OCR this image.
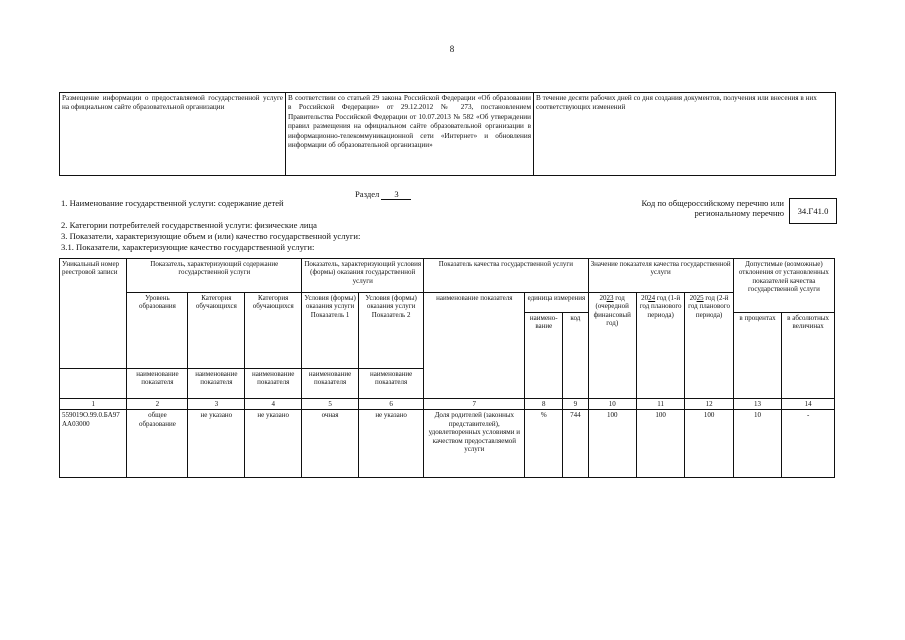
8
Размещение информации о предоставляемой государственной услуге на официальном сайте образовательной организации	В соответствии со статьей 29 закона Российской Федерации «Об образовании в Российской Федерации» от 29.12.2012 № 273, постановлением Правительства Российской Федерации от 10.07.2013 № 582 «Об утверждении правил размещения на официальном сайте образовательной организации в информационно-телекоммуникационной сети «Интернет» и обновления информации об образовательной организации»	В течение десяти рабочих дней со дня создания документов, получения или внесения в них соответствующих изменений
Раздел 3
1. Наименование государственной услуги: содержание детей	Код по общероссийскому перечню или региональному перечню	34.Г41.0
2. Категории потребителей государственной услуги: физические лица
3. Показатели, характеризующие объем и (или) качество государственной услуги:
3.1. Показатели, характеризующие качество государственной услуги:
Уникальный номер реестровой записи	Показатель, характеризующий содержание государственной услуги			Показатель, характеризующий условия (формы) оказания государственной услуги		Показатель качества государственной услуги			Значение показателя качества государственной услуги			Допустимые (возможные) отклонения от установленных показателей качества государственной услуги	
	Уровень образования	Категория обучающихся	Категория обучающихся	Условия (формы) оказания услуги Показатель 1	Условия (формы) оказания услуги Показатель 2	наименование показателя	единица измерения		2023 год (очередной финансовый год)	2024 год (1-й год планового периода)	2025 год (2-й год планового периода)		
							наимено-вание	код				в процентах	в абсолютных величинах
	наименование показателя	наименование показателя	наименование показателя	наименование показателя	наименование показателя								
1	2	3	4	5	6	7	8	9	10	11	12	13	14
559019О.99.0.БА97АА03000	общее образование	не указано	не указано	очная	не указано	Доля родителей (законных представителей), удовлетворенных условиями и качеством предоставляемой услуги	%	744	100	100	100	10	-
